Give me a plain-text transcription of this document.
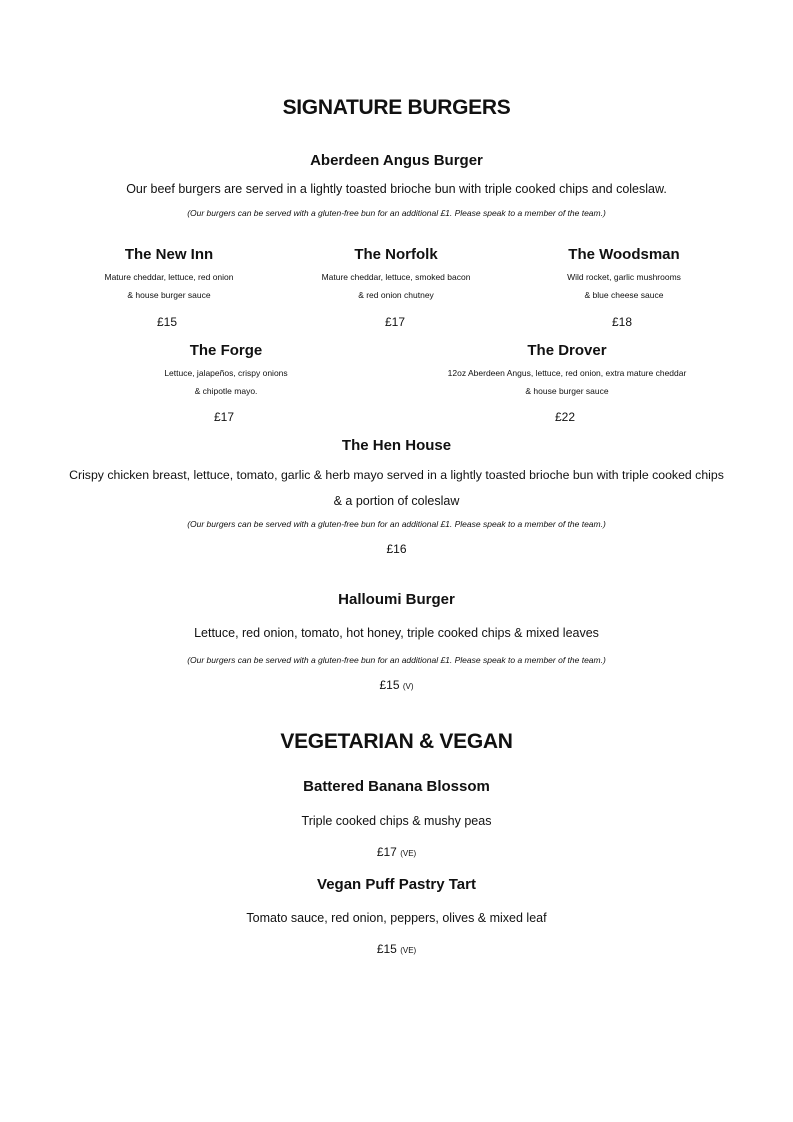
SIGNATURE BURGERS
Aberdeen Angus Burger
Our beef burgers are served in a lightly toasted brioche bun with triple cooked chips and coleslaw.
(Our burgers can be served with a gluten-free bun for an additional £1. Please speak to a member of the team.)
The New Inn
Mature cheddar, lettuce, red onion
& house burger sauce
£15
The Norfolk
Mature cheddar, lettuce, smoked bacon
& red onion chutney
£17
The Woodsman
Wild rocket, garlic mushrooms
& blue cheese sauce
£18
The Forge
Lettuce, jalapeños, crispy onions
& chipotle mayo.
£17
The Drover
12oz Aberdeen Angus, lettuce, red onion, extra mature cheddar
& house burger sauce
£22
The Hen House
Crispy chicken breast, lettuce, tomato, garlic & herb mayo served in a lightly toasted brioche bun with triple cooked chips
& a portion of coleslaw
(Our burgers can be served with a gluten-free bun for an additional £1. Please speak to a member of the team.)
£16
Halloumi Burger
Lettuce, red onion, tomato, hot honey, triple cooked chips & mixed leaves
(Our burgers can be served with a gluten-free bun for an additional £1. Please speak to a member of the team.)
£15 (V)
VEGETARIAN & VEGAN
Battered Banana Blossom
Triple cooked chips & mushy peas
£17 (VE)
Vegan Puff Pastry Tart
Tomato sauce, red onion, peppers, olives & mixed leaf
£15 (VE)
